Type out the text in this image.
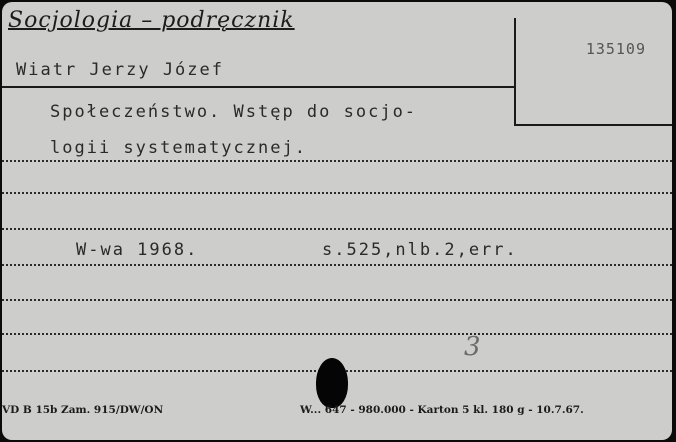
Socjologia – podręcznik
Wiatr Jerzy Józef
135109
Społeczeństwo. Wstęp do socjo-
logii systematycznej.
W-wa 1968.	s.525,nlb.2,err.
3
VD B 15b Zam. 915/DW/ON	W... 647 - 980.000 - Karton 5 kl. 180 g - 10.7.67.
